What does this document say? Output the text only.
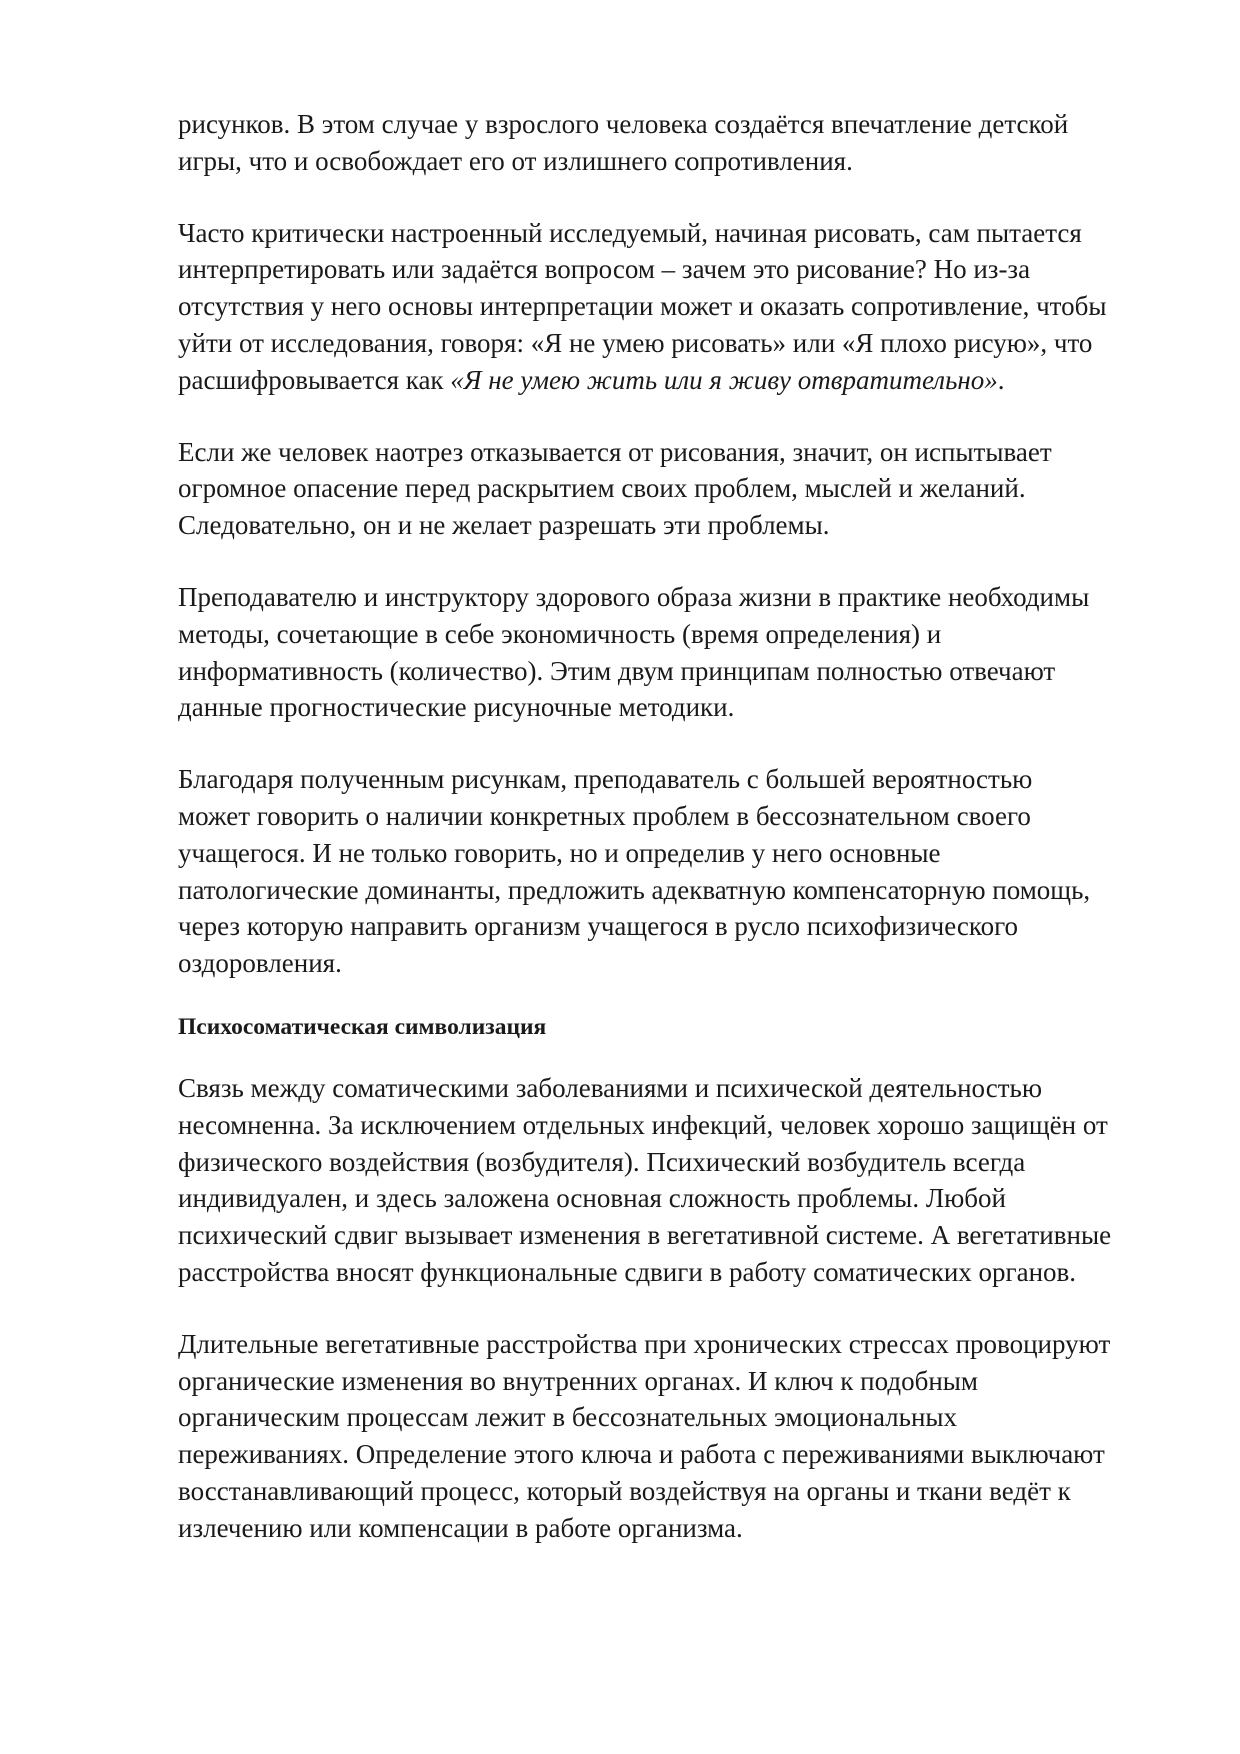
рисунков. В этом случае у взрослого человека создаётся впечатление детской
игры, что и освобождает его от излишнего сопротивления.

Часто критически настроенный исследуемый, начиная рисовать, сам пытается
интерпретировать или задаётся вопросом – зачем это рисование? Но из-за
отсутствия у него основы интерпретации может и оказать сопротивление, чтобы
уйти от исследования, говоря: «Я не умею рисовать» или «Я плохо рисую», что
расшифровывается как «Я не умею жить или я живу отвратительно».

Если же человек наотрез отказывается от рисования, значит, он испытывает
огромное опасение перед раскрытием своих проблем, мыслей и желаний.
Следовательно, он и не желает разрешать эти проблемы.

Преподавателю и инструктору здорового образа жизни в практике необходимы
методы, сочетающие в себе экономичность (время определения) и
информативность (количество). Этим двум принципам полностью отвечают
данные прогностические рисуночные методики.

Благодаря полученным рисункам, преподаватель с большей вероятностью
может говорить о наличии конкретных проблем в бессознательном своего
учащегося. И не только говорить, но и определив у него основные
патологические доминанты, предложить адекватную компенсаторную помощь,
через которую направить организм учащегося в русло психофизического
оздоровления.

Психосоматическая символизация

Связь между соматическими заболеваниями и психической деятельностью
несомненна. За исключением отдельных инфекций, человек хорошо защищён от
физического воздействия (возбудителя). Психический возбудитель всегда
индивидуален, и здесь заложена основная сложность проблемы. Любой
психический сдвиг вызывает изменения в вегетативной системе. А вегетативные
расстройства вносят функциональные сдвиги в работу соматических органов.

Длительные вегетативные расстройства при хронических стрессах провоцируют
органические изменения во внутренних органах. И ключ к подобным
органическим процессам лежит в бессознательных эмоциональных
переживаниях. Определение этого ключа и работа с переживаниями выключают
восстанавливающий процесс, который воздействуя на органы и ткани ведёт к
излечению или компенсации в работе организма.
